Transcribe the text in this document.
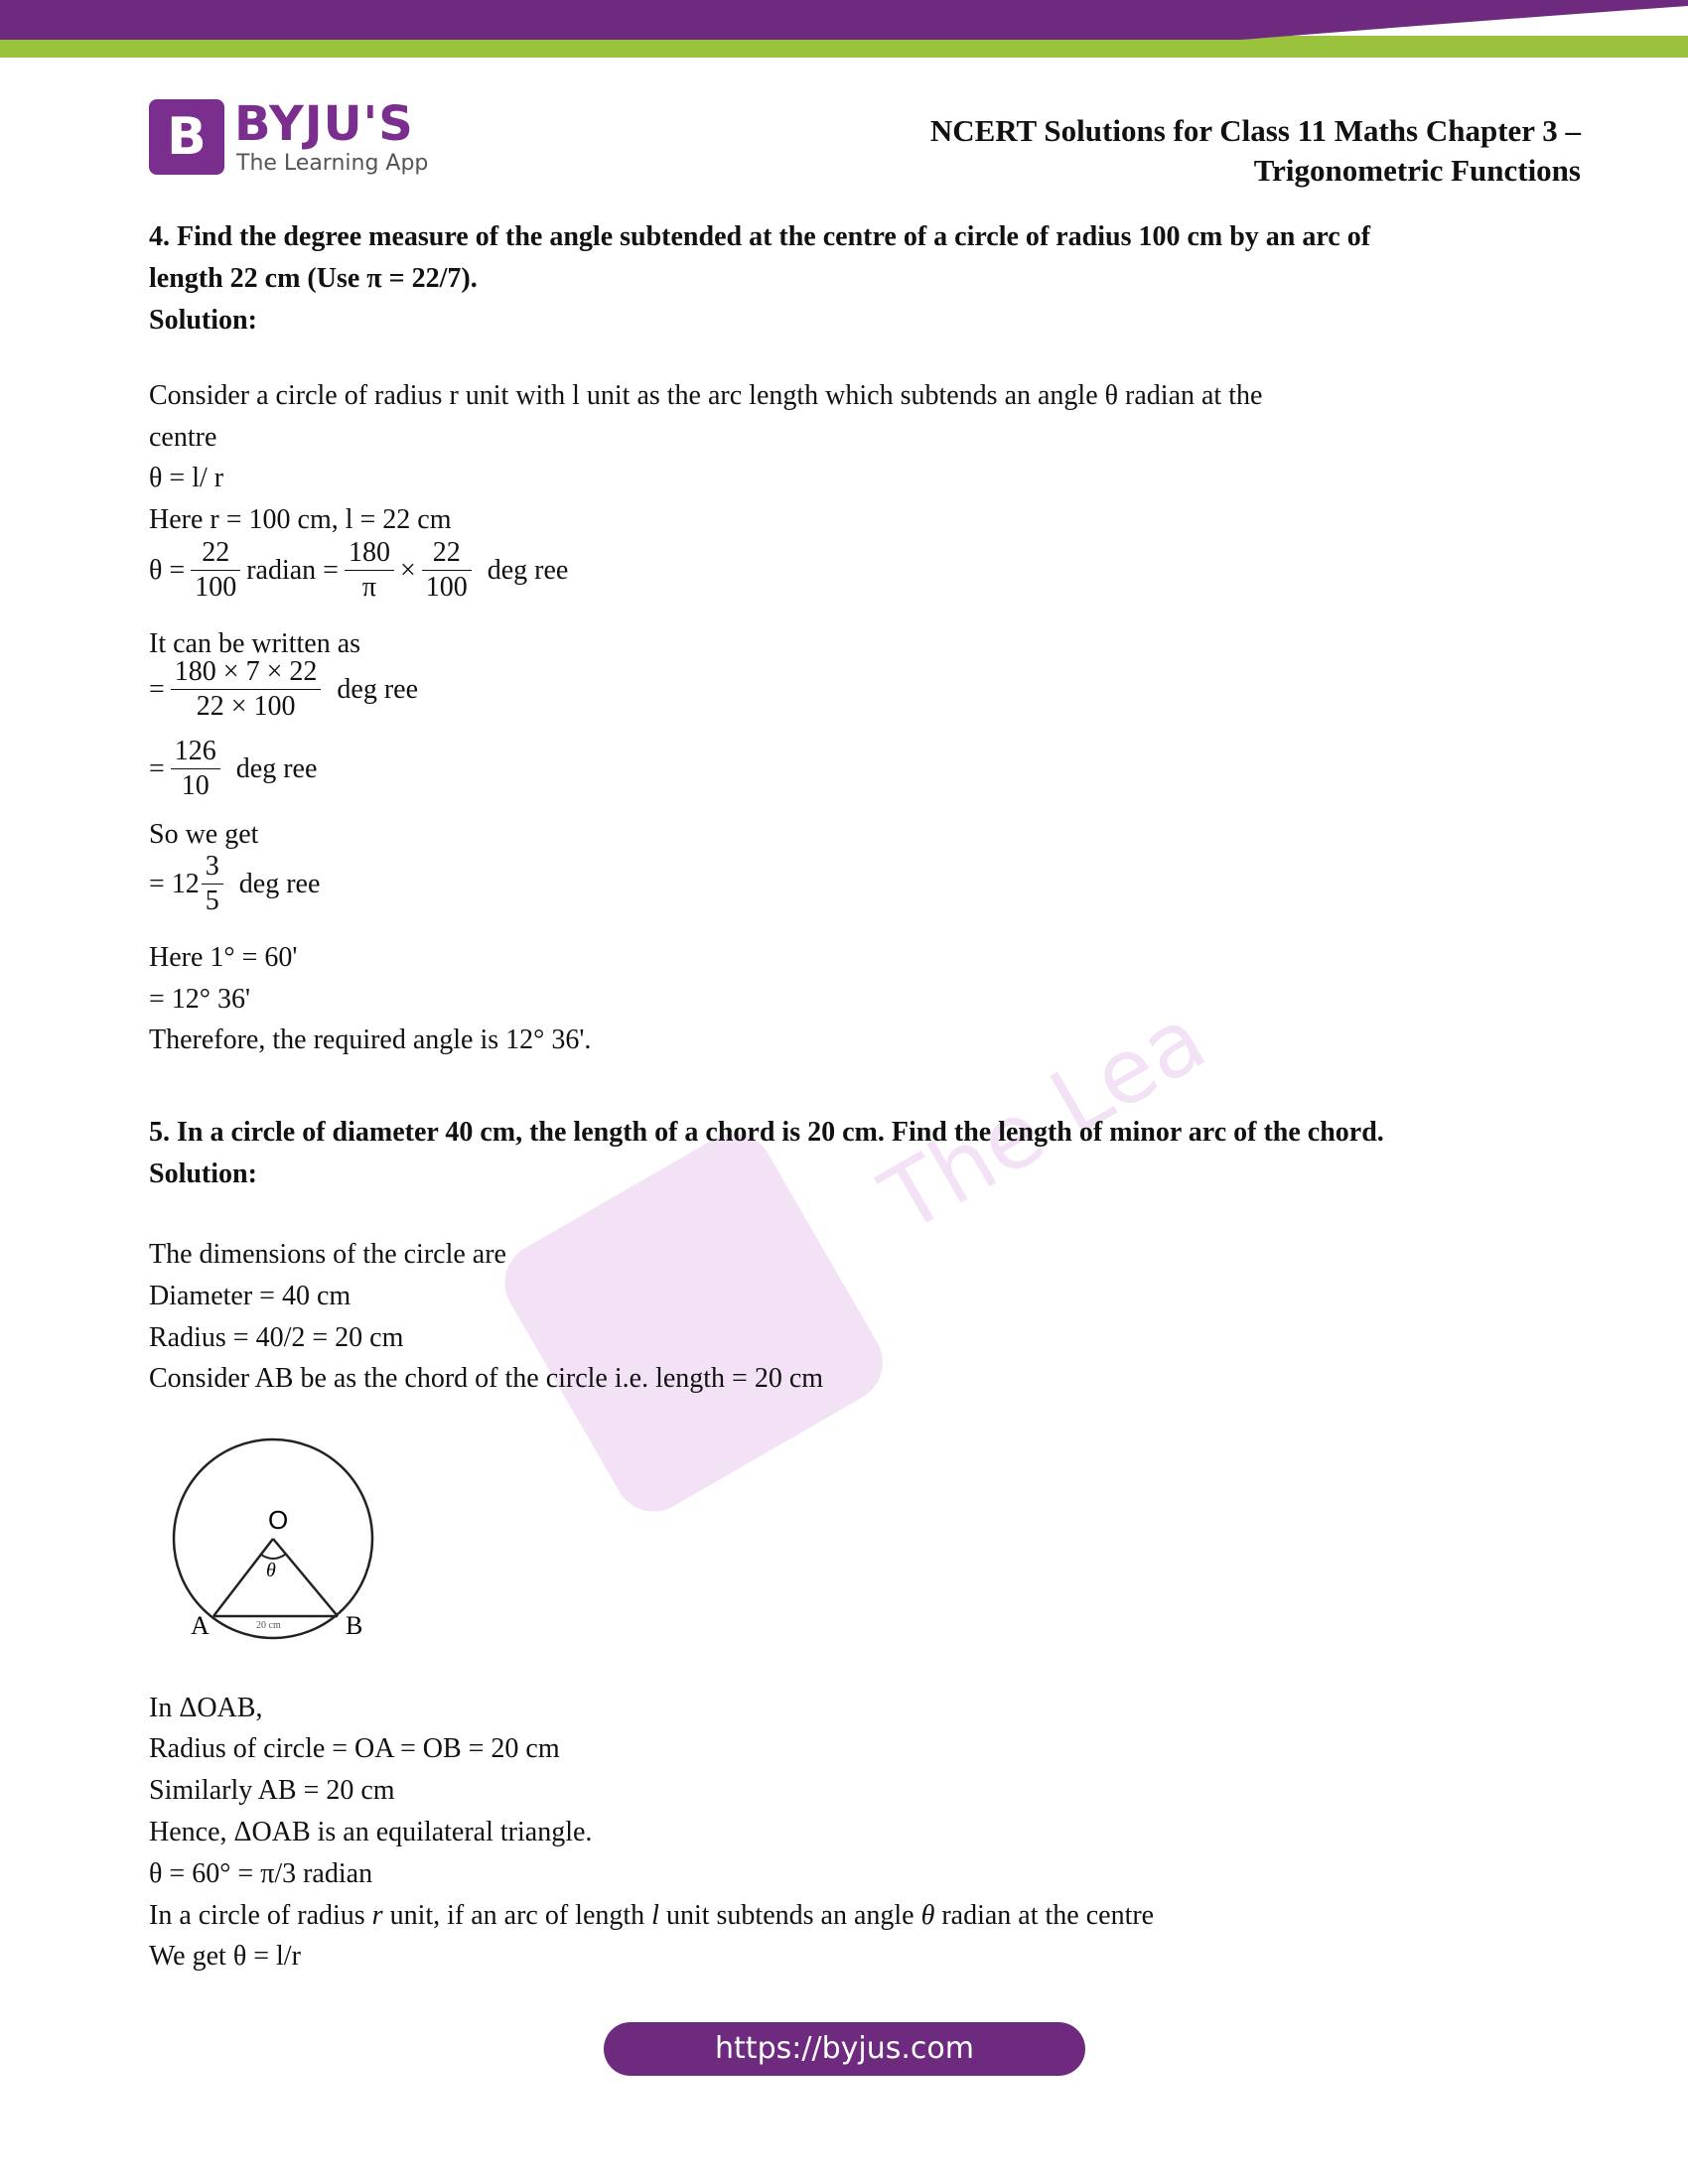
B BYJU'S
The Learning App
NCERT Solutions for Class 11 Maths Chapter 3 –
Trigonometric Functions
The Lea
4. Find the degree measure of the angle subtended at the centre of a circle of radius 100 cm by an arc of
length 22 cm (Use π = 22/7).
Solution:
Consider a circle of radius r unit with l unit as the arc length which subtends an angle θ radian at the
centre
θ = l/ r
Here r = 100 cm, l = 22 cm
$\theta = \frac{22}{100}$ radian = $\frac{180}{\pi} \times \frac{22}{100}$ deg ree
It can be written as
= $\frac{180 \times 7 \times 22}{22 \times 100}$ deg ree
= $\frac{126}{10}$ deg ree
So we get
= $12 \frac{3}{5}$ deg ree
Here 1° = 60'
= 12° 36'
Therefore, the required angle is 12° 36'.
5. In a circle of diameter 40 cm, the length of a chord is 20 cm. Find the length of minor arc of the chord.
Solution:
The dimensions of the circle are
Diameter = 40 cm
Radius = 40/2 = 20 cm
Consider AB be as the chord of the circle i.e. length = 20 cm
O
θ
A	B
20 cm
In ΔOAB,
Radius of circle = OA = OB = 20 cm
Similarly AB = 20 cm
Hence, ΔOAB is an equilateral triangle.
θ = 60° = π/3 radian
In a circle of radius r unit, if an arc of length l unit subtends an angle θ radian at the centre
We get θ = l/r
https://byjus.com
